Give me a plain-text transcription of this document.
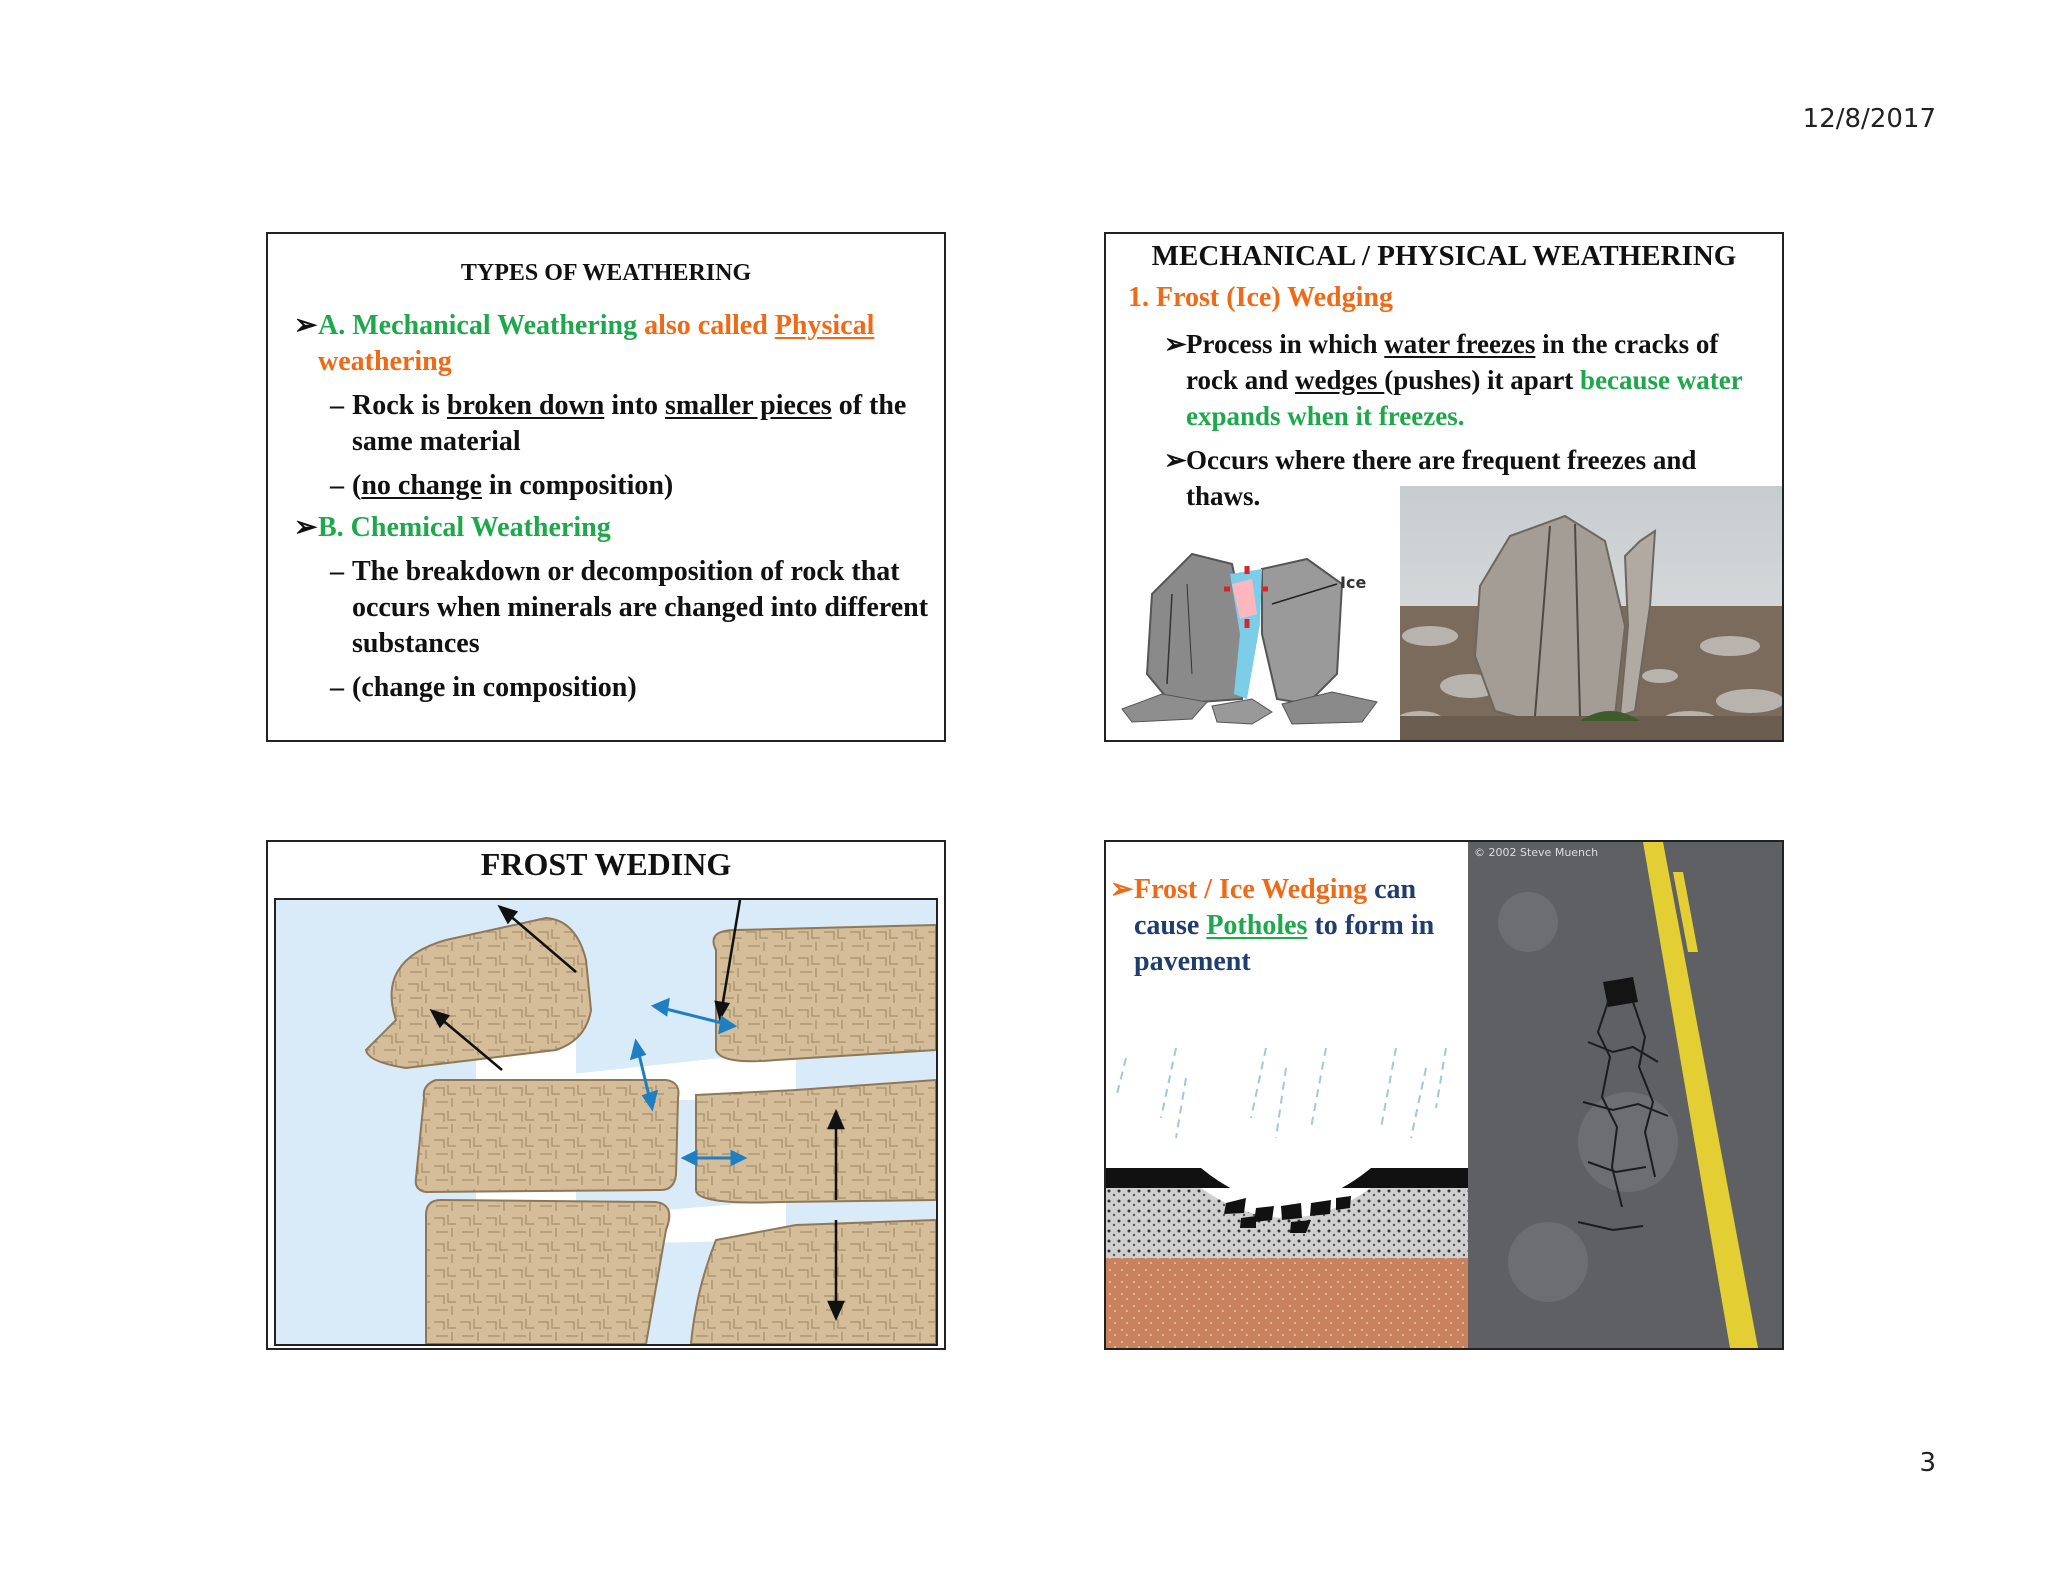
12/8/2017
TYPES OF WEATHERING
➢ A. Mechanical Weathering also called Physical weathering
– Rock is broken down into smaller pieces of the same material
– (no change in composition)
➢ B. Chemical Weathering
– The breakdown or decomposition of rock that occurs when minerals are changed into different substances
– (change in composition)
MECHANICAL / PHYSICAL WEATHERING
1. Frost (Ice) Wedging
➢ Process in which water freezes in the cracks of rock and wedges (pushes) it apart because water expands when it freezes.
➢ Occurs where there are frequent freezes and thaws.
Ice
FROST WEDING
➢ Frost / Ice Wedging can cause Potholes to form in pavement
© 2002 Steve Muench
3
